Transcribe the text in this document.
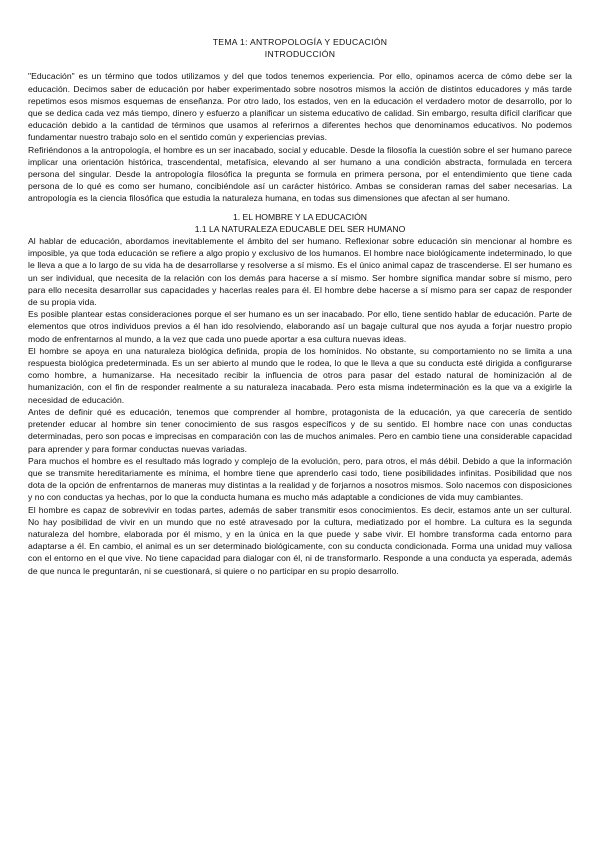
TEMA 1: ANTROPOLOGÍA Y EDUCACIÓN
INTRODUCCIÓN

"Educación" es un término que todos utilizamos y del que todos tenemos experiencia. Por ello, opinamos acerca de cómo debe ser la educación. Decimos saber de educación por haber experimentado sobre nosotros mismos la acción de distintos educadores y más tarde repetimos esos mismos esquemas de enseñanza. Por otro lado, los estados, ven en la educación el verdadero motor de desarrollo, por lo que se dedica cada vez más tiempo, dinero y esfuerzo a planificar un sistema educativo de calidad. Sin embargo, resulta difícil clarificar que educación debido a la cantidad de términos que usamos al referirnos a diferentes hechos que denominamos educativos. No podemos fundamentar nuestro trabajo solo en el sentido común y experiencias previas.

Refiriéndonos a la antropología, el hombre es un ser inacabado, social y educable. Desde la filosofía la cuestión sobre el ser humano parece implicar una orientación histórica, trascendental, metafísica, elevando al ser humano a una condición abstracta, formulada en tercera persona del singular. Desde la antropología filosófica la pregunta se formula en primera persona, por el entendimiento que tiene cada persona de lo qué es como ser humano, concibiéndole así un carácter histórico. Ambas se consideran ramas del saber necesarias. La antropología es la ciencia filosófica que estudia la naturaleza humana, en todas sus dimensiones que afectan al ser humano.

1. EL HOMBRE Y LA EDUCACIÓN
1.1 LA NATURALEZA EDUCABLE DEL SER HUMANO

Al hablar de educación, abordamos inevitablemente el ámbito del ser humano. Reflexionar sobre educación sin mencionar al hombre es imposible, ya que toda educación se refiere a algo propio y exclusivo de los humanos. El hombre nace biológicamente indeterminado, lo que le lleva a que a lo largo de su vida ha de desarrollarse y resolverse a sí mismo. Es el único animal capaz de trascenderse. El ser humano es un ser individual, que necesita de la relación con los demás para hacerse a sí mismo. Ser hombre significa mandar sobre sí mismo, pero para ello necesita desarrollar sus capacidades y hacerlas reales para él. El hombre debe hacerse a sí mismo para ser capaz de responder de su propia vida.

Es posible plantear estas consideraciones porque el ser humano es un ser inacabado. Por ello, tiene sentido hablar de educación. Parte de elementos que otros individuos previos a él han ido resolviendo, elaborando así un bagaje cultural que nos ayuda a forjar nuestro propio modo de enfrentarnos al mundo, a la vez que cada uno puede aportar a esa cultura nuevas ideas.

El hombre se apoya en una naturaleza biológica definida, propia de los homínidos. No obstante, su comportamiento no se limita a una respuesta biológica predeterminada. Es un ser abierto al mundo que le rodea, lo que le lleva a que su conducta esté dirigida a configurarse como hombre, a humanizarse. Ha necesitado recibir la influencia de otros para pasar del estado natural de hominización al de humanización, con el fin de responder realmente a su naturaleza inacabada. Pero esta misma indeterminación es la que va a exigirle la necesidad de educación.

Antes de definir qué es educación, tenemos que comprender al hombre, protagonista de la educación, ya que carecería de sentido pretender educar al hombre sin tener conocimiento de sus rasgos específicos y de su sentido. El hombre nace con unas conductas determinadas, pero son pocas e imprecisas en comparación con las de muchos animales. Pero en cambio tiene una considerable capacidad para aprender y para formar conductas nuevas variadas.

Para muchos el hombre es el resultado más logrado y complejo de la evolución, pero, para otros, el más débil. Debido a que la información que se transmite hereditariamente es mínima, el hombre tiene que aprenderlo casi todo, tiene posibilidades infinitas. Posibilidad que nos dota de la opción de enfrentarnos de maneras muy distintas a la realidad y de forjarnos a nosotros mismos. Solo nacemos con disposiciones y no con conductas ya hechas, por lo que la conducta humana es mucho más adaptable a condiciones de vida muy cambiantes.

El hombre es capaz de sobrevivir en todas partes, además de saber transmitir esos conocimientos. Es decir, estamos ante un ser cultural. No hay posibilidad de vivir en un mundo que no esté atravesado por la cultura, mediatizado por el hombre. La cultura es la segunda naturaleza del hombre, elaborada por él mismo, y en la única en la que puede y sabe vivir. El hombre transforma cada entorno para adaptarse a él. En cambio, el animal es un ser determinado biológicamente, con su conducta condicionada. Forma una unidad muy valiosa con el entorno en el que vive. No tiene capacidad para dialogar con él, ni de transformarlo. Responde a una conducta ya esperada, además de que nunca le preguntarán, ni se cuestionará, si quiere o no participar en su propio desarrollo.
